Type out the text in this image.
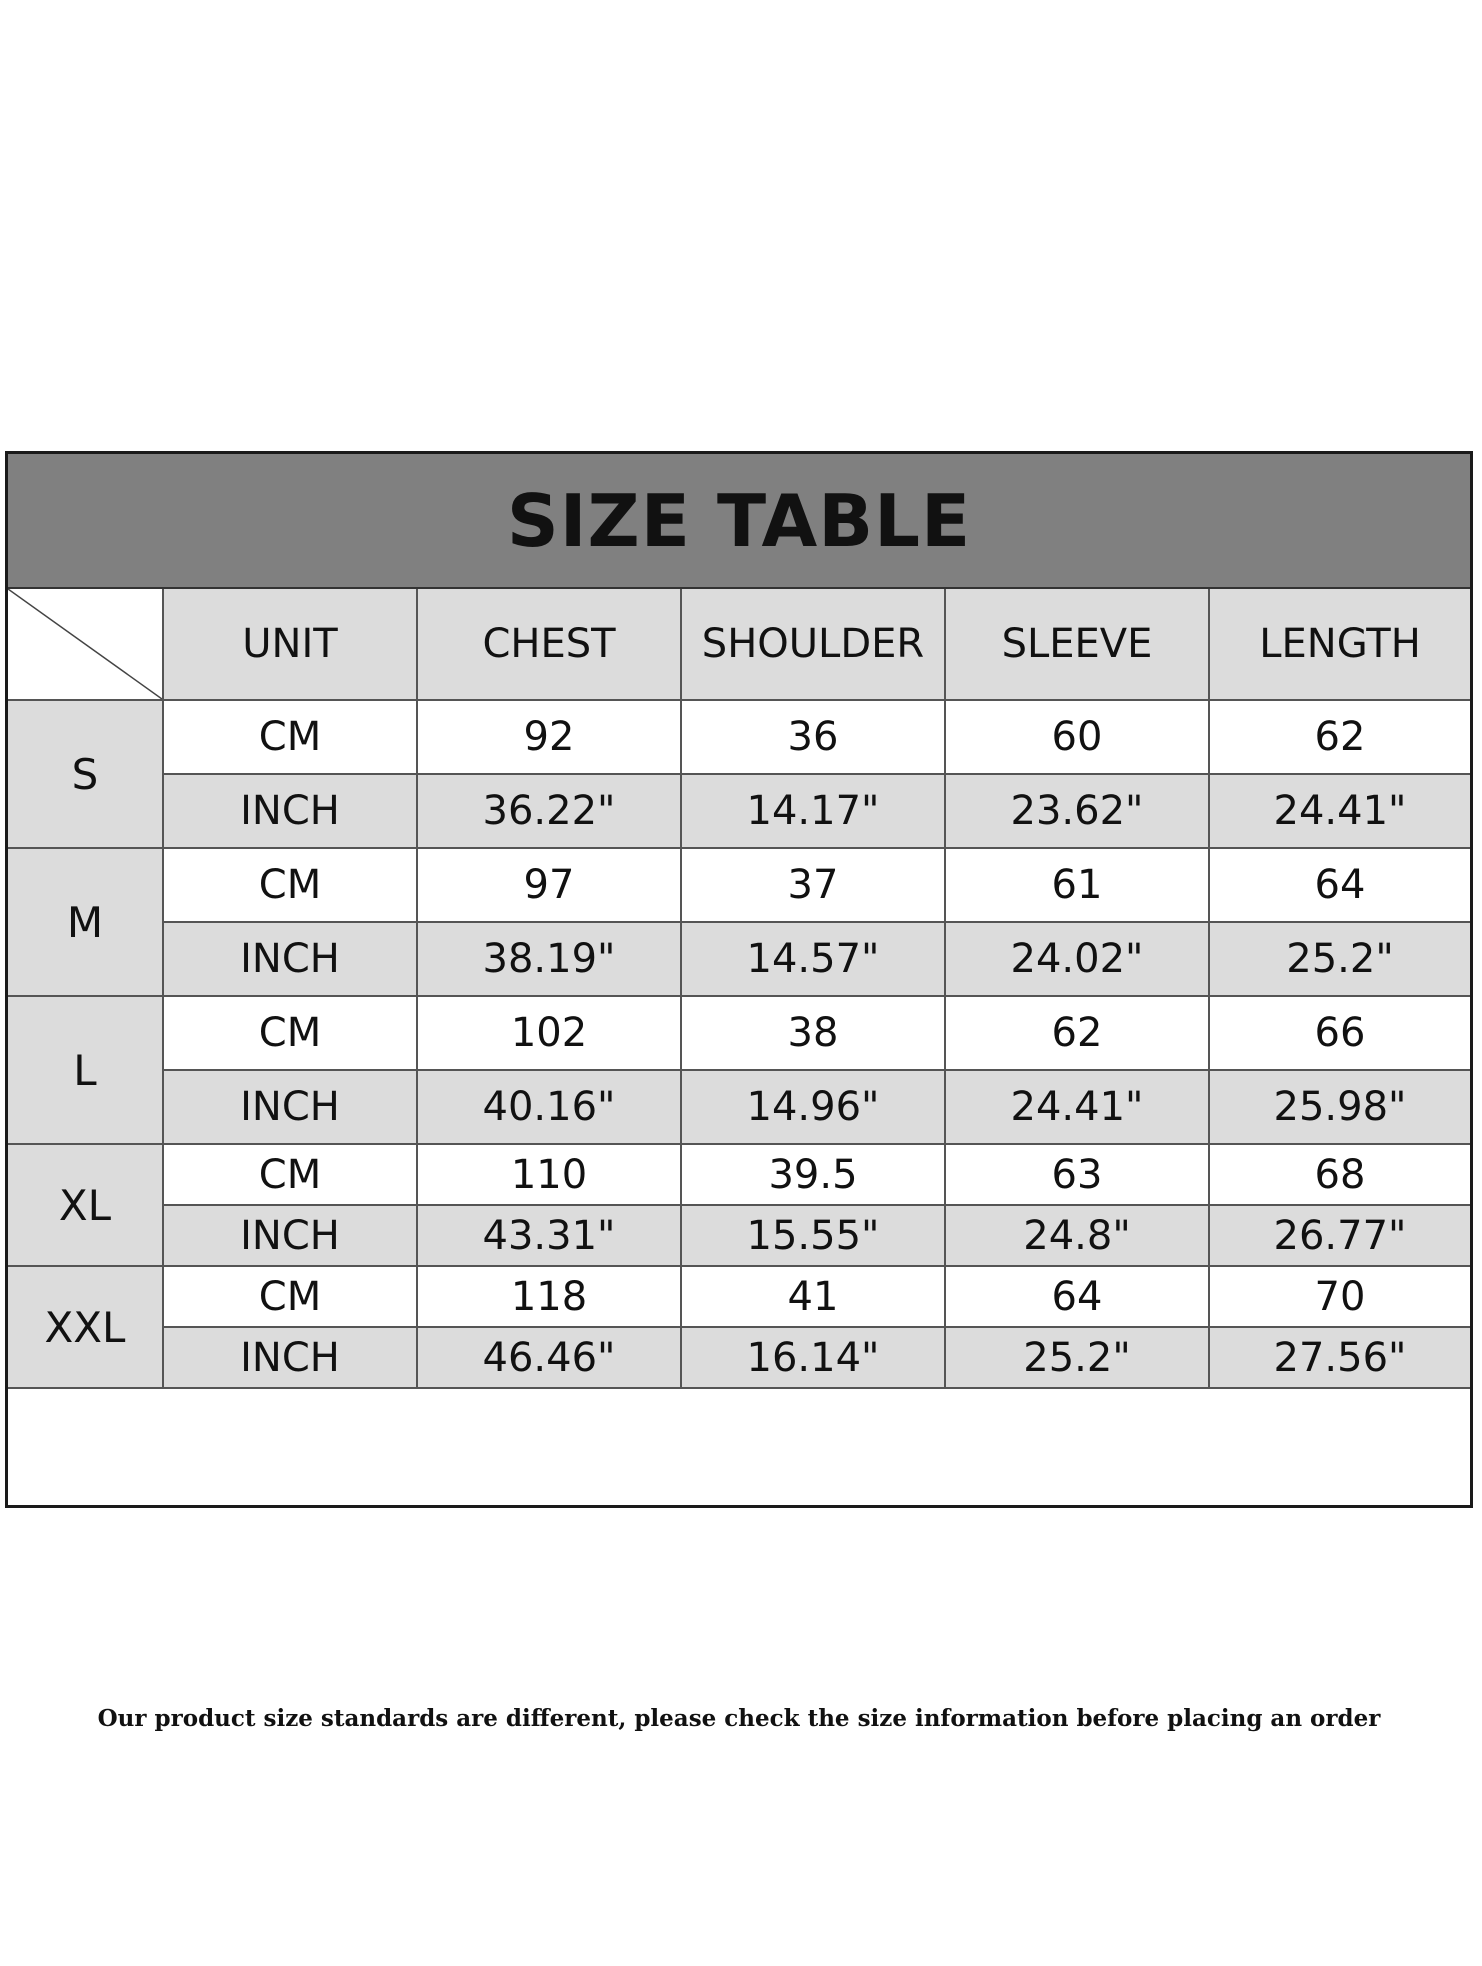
SIZE TABLE
	UNIT	CHEST	SHOULDER	SLEEVE	LENGTH
S	CM	92	36	60	62
	INCH	36.22"	14.17"	23.62"	24.41"
M	CM	97	37	61	64
	INCH	38.19"	14.57"	24.02"	25.2"
L	CM	102	38	62	66
	INCH	40.16"	14.96"	24.41"	25.98"
XL	CM	110	39.5	63	68
	INCH	43.31"	15.55"	24.8"	26.77"
XXL	CM	118	41	64	70
	INCH	46.46"	16.14"	25.2"	27.56"
Our product size standards are different, please check the size information before placing an order
